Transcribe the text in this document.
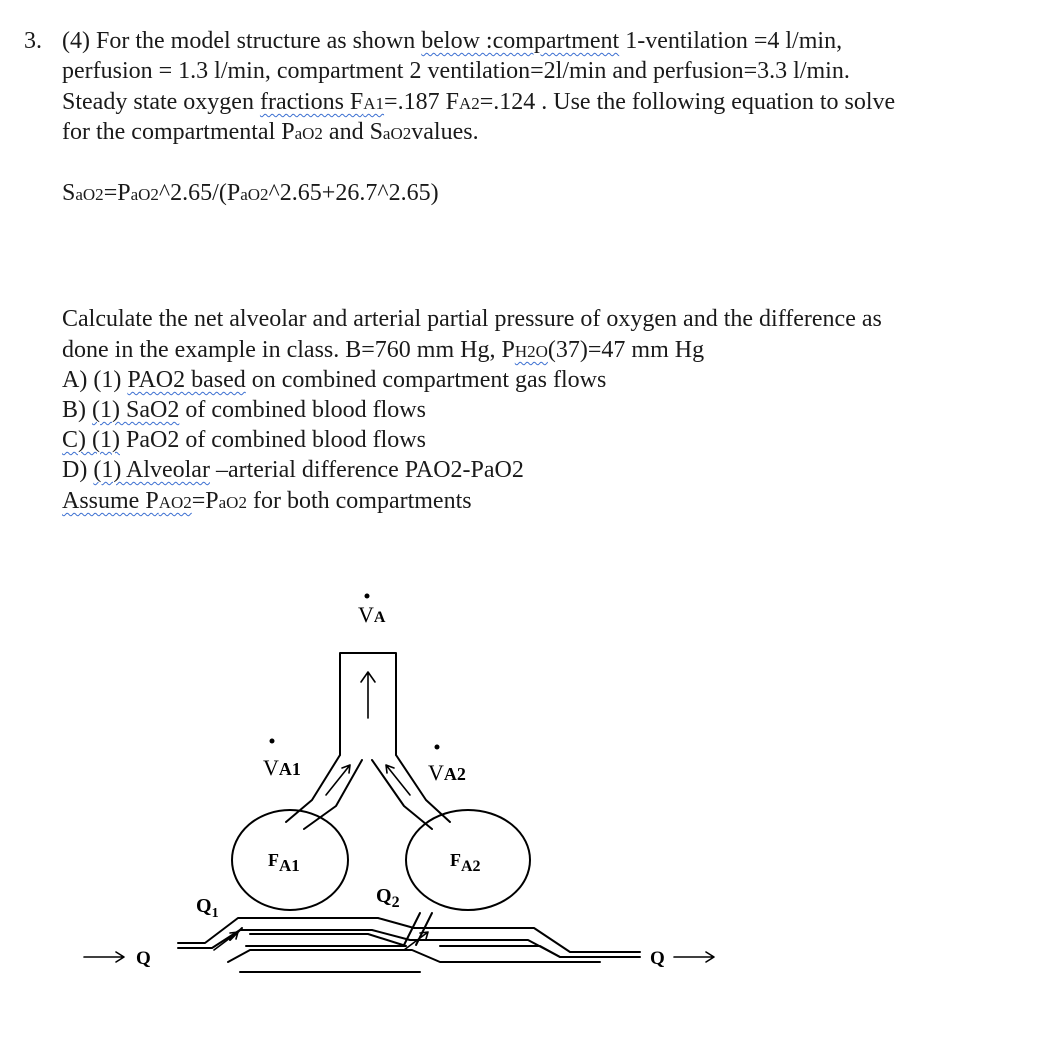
3. (4) For the model structure as shown below :compartment 1-ventilation =4 l/min,
perfusion = 1.3 l/min, compartment 2 ventilation=2l/min and perfusion=3.3 l/min.
Steady state oxygen fractions FA1=.187 FA2=.124 . Use the following equation to solve
for the compartmental PaO2 and SaO2values.
SaO2=PaO2^2.65/(PaO2^2.65+26.7^2.65)
Calculate the net alveolar and arterial partial pressure of oxygen and the difference as
done in the example in class. B=760 mm Hg, PH2O(37)=47 mm Hg
A) (1) PAO2 based on combined compartment gas flows
B) (1) SaO2 of combined blood flows
C) (1) PaO2 of combined blood flows
D) (1) Alveolar –arterial difference PAO2-PaO2
Assume PAO2=PaO2 for both compartments
VA
VA1	VA2
FA1	FA2
$Q_1$
$Q_2$
Q	Q
